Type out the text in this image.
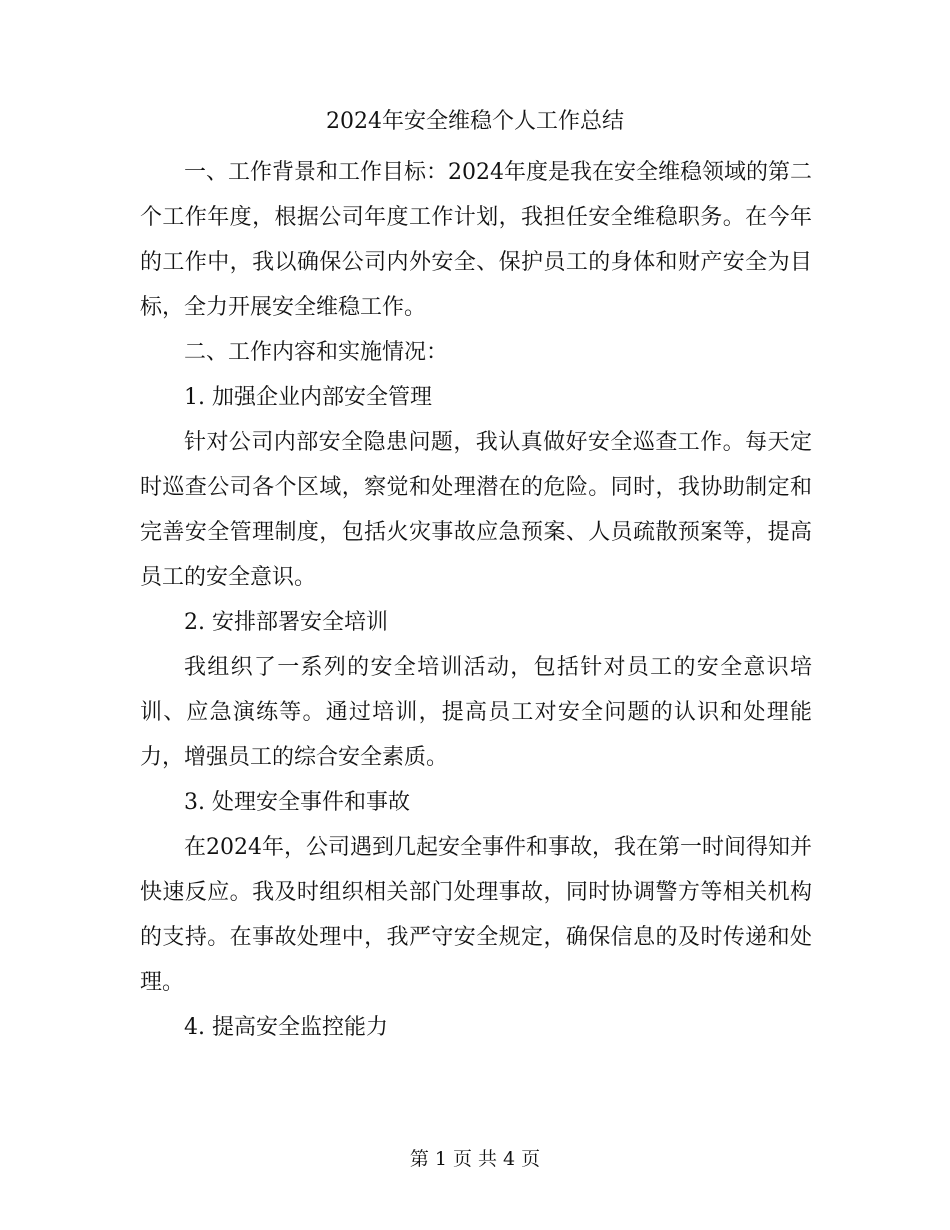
2024年安全维稳个人工作总结

一、工作背景和工作目标：2024年度是我在安全维稳领域的第二个工作年度，根据公司年度工作计划，我担任安全维稳职务。在今年的工作中，我以确保公司内外安全、保护员工的身体和财产安全为目标，全力开展安全维稳工作。

二、工作内容和实施情况：

1. 加强企业内部安全管理

针对公司内部安全隐患问题，我认真做好安全巡查工作。每天定时巡查公司各个区域，察觉和处理潜在的危险。同时，我协助制定和完善安全管理制度，包括火灾事故应急预案、人员疏散预案等，提高员工的安全意识。

2. 安排部署安全培训

我组织了一系列的安全培训活动，包括针对员工的安全意识培训、应急演练等。通过培训，提高员工对安全问题的认识和处理能力，增强员工的综合安全素质。

3. 处理安全事件和事故

在2024年，公司遇到几起安全事件和事故，我在第一时间得知并快速反应。我及时组织相关部门处理事故，同时协调警方等相关机构的支持。在事故处理中，我严守安全规定，确保信息的及时传递和处理。

4. 提高安全监控能力

第 1 页 共 4 页
